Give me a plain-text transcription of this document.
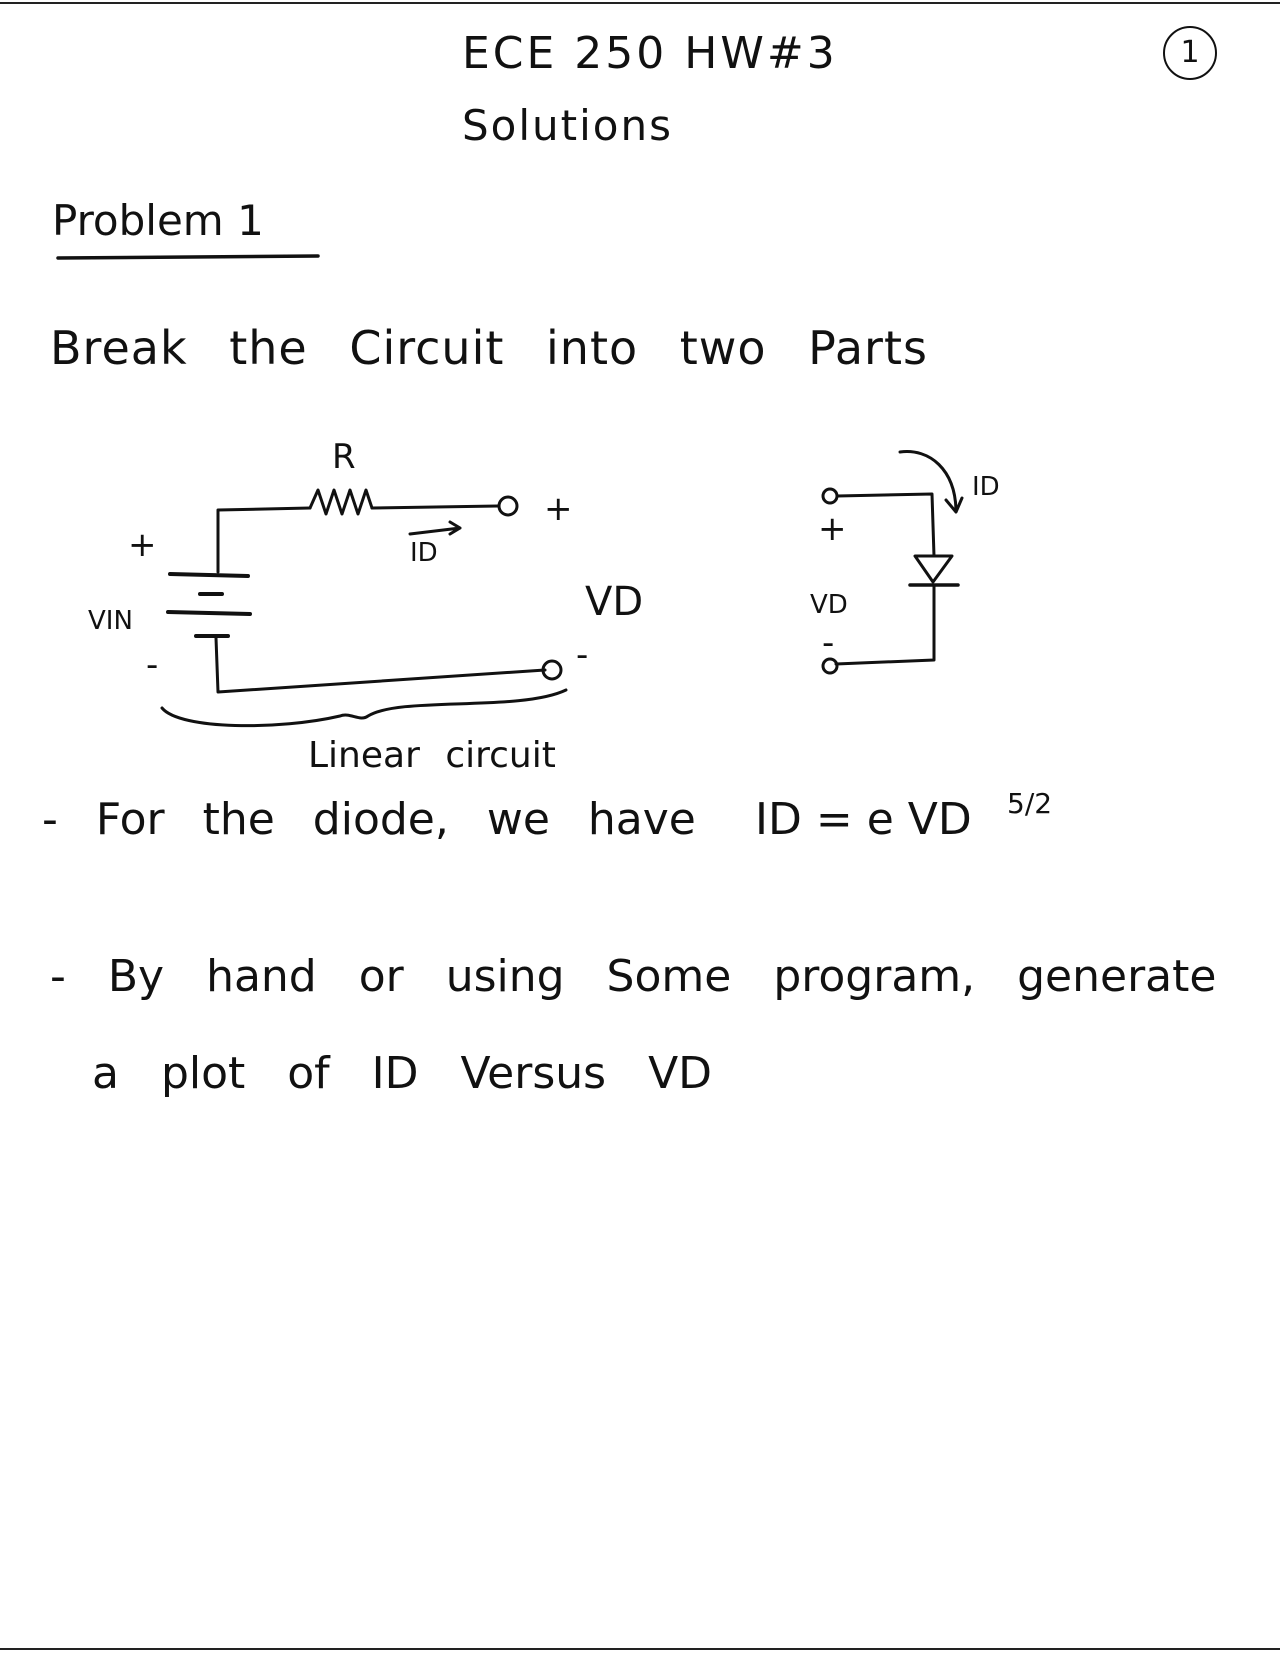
ECE 250 HW#3
Solutions
1
Problem 1
Break the Circuit into two Parts
R
+
VIN
-
ID
+
VD
-
Linear circuit
ID
+
VD
-
- For the diode, we have ID = e VD 5/2
- By hand or using Some program, generate
a plot of ID Versus VD
